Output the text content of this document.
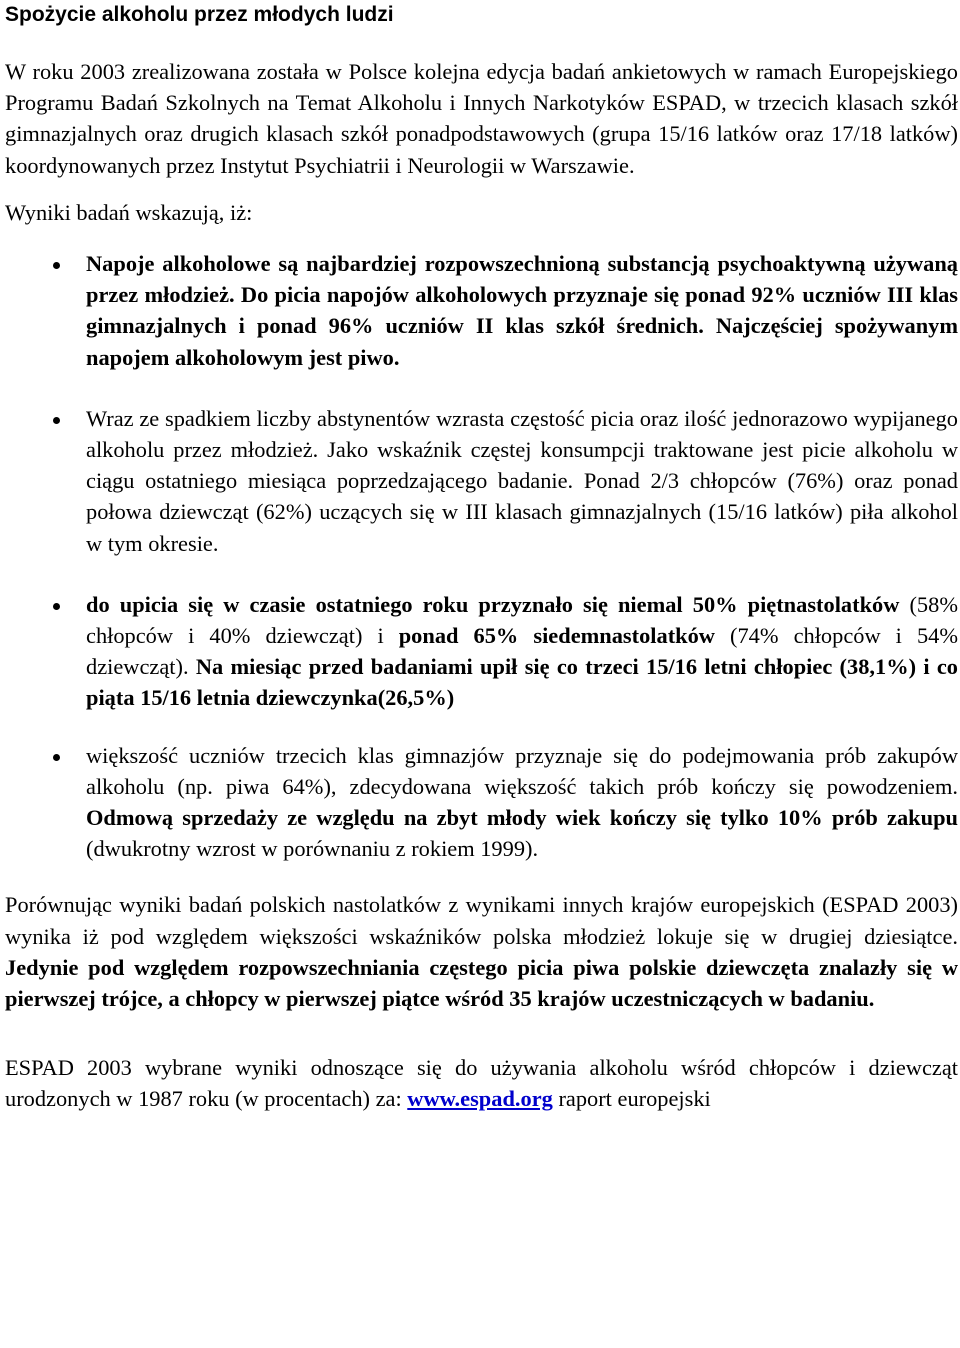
Spożycie alkoholu przez młodych ludzi

W roku 2003 zrealizowana została w Polsce kolejna edycja badań ankietowych w ramach Europejskiego Programu Badań Szkolnych na Temat Alkoholu i Innych Narkotyków ESPAD, w trzecich klasach szkół gimnazjalnych oraz drugich klasach szkół ponadpodstawowych (grupa 15/16 latków oraz 17/18 latków) koordynowanych przez Instytut Psychiatrii i Neurologii w Warszawie.

Wyniki badań wskazują, iż:

Napoje alkoholowe są najbardziej rozpowszechnioną substancją psychoaktywną używaną przez młodzież. Do picia napojów alkoholowych przyznaje się ponad 92% uczniów III klas gimnazjalnych i ponad 96% uczniów II klas szkół średnich. Najczęściej spożywanym napojem alkoholowym jest piwo.
Wraz ze spadkiem liczby abstynentów wzrasta częstość picia oraz ilość jednorazowo wypijanego alkoholu przez młodzież. Jako wskaźnik częstej konsumpcji traktowane jest picie alkoholu w ciągu ostatniego miesiąca poprzedzającego badanie. Ponad 2/3 chłopców (76%) oraz ponad połowa dziewcząt (62%) uczących się w III klasach gimnazjalnych (15/16 latków) piła alkohol w tym okresie.
do upicia się w czasie ostatniego roku przyznało się niemal 50% piętnastolatków (58% chłopców i 40% dziewcząt) i ponad 65% siedemnastolatków (74% chłopców i 54% dziewcząt). Na miesiąc przed badaniami upił się co trzeci 15/16 letni chłopiec (38,1%) i co piąta 15/16 letnia dziewczynka(26,5%)
większość uczniów trzecich klas gimnazjów przyznaje się do podejmowania prób zakupów alkoholu (np. piwa 64%), zdecydowana większość takich prób kończy się powodzeniem. Odmową sprzedaży ze względu na zbyt młody wiek kończy się tylko 10% prób zakupu (dwukrotny wzrost w porównaniu z rokiem 1999).

Porównując wyniki badań polskich nastolatków z wynikami innych krajów europejskich (ESPAD 2003) wynika iż pod względem większości wskaźników polska młodzież lokuje się w drugiej dziesiątce. Jedynie pod względem rozpowszechniania częstego picia piwa polskie dziewczęta znalazły się w pierwszej trójce, a chłopcy w pierwszej piątce wśród 35 krajów uczestniczących w badaniu.

ESPAD 2003 wybrane wyniki odnoszące się do używania alkoholu wśród chłopców i dziewcząt urodzonych w 1987 roku (w procentach) za: www.espad.org raport europejski
